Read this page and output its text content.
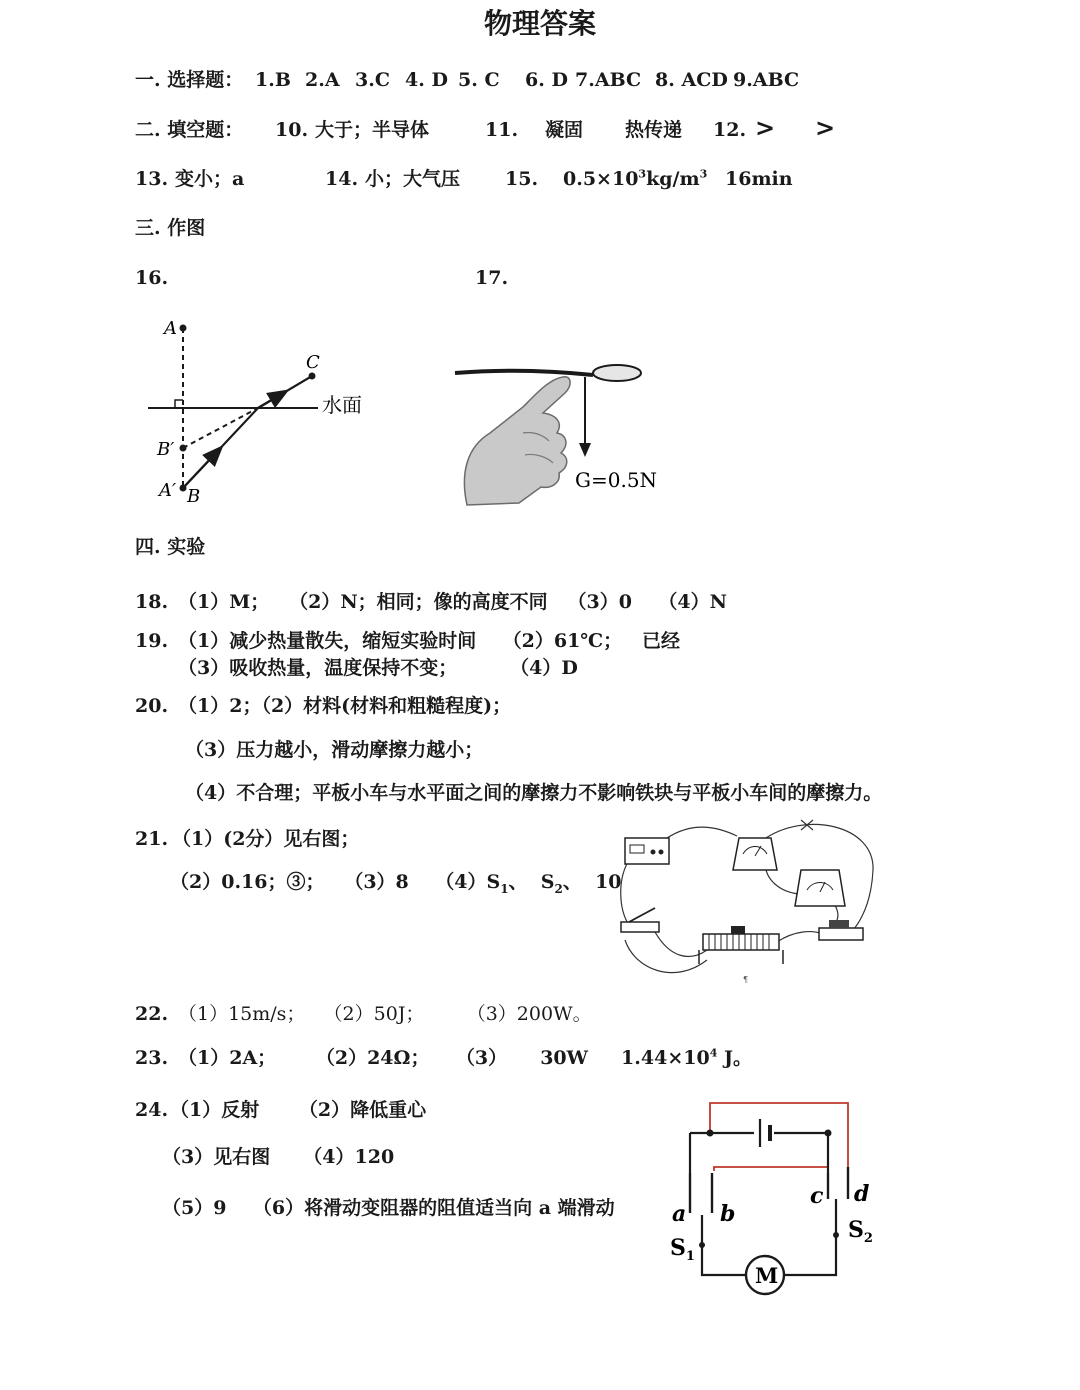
物理答案
一. 选择题： 1.B 2.A 3.C 4. D 5. C 6. D 7.ABC 8. ACD 9.ABC
二. 填空题： 10. 大于；半导体	11. 凝固 热传递 12. > >
13. 变小；a	14. 小；大气压 15. $0.5\times 10^3kg/m^3$ 16min
三. 作图
16.	17.
A
C
B′
A′ B
水面
G=0.5N
四. 实验
18. （1）M；   （2）N；相同；像的高度不同   （3）0    （4）N
19. （1）减少热量散失，缩短实验时间    （2）61℃；   已经
（3）吸收热量，温度保持不变；        （4）D
20. （1）2；（2）材料(材料和粗糙程度)；
（3）压力越小，滑动摩擦力越小；
（4）不合理；平板小车与水平面之间的摩擦力不影响铁块与平板小车间的摩擦力。
21. （1）(2分）见右图；
（2）0.16；③；   （3）8    $(4)S_1$、  $S_2$、  10
¶
22. （1）15m/s；   （2）50J；       （3）200W。
23. （1）2A；      （2）24Ω；    （3）     30W     $1.44\times 10^4$ J。
24. （1）反射      （2）降低重心
（3）见右图     （4）120
（5）9    （6）将滑动变阻器的阻值适当向 a 端滑动
M
a b
c d
$S_1$
$S_2$
